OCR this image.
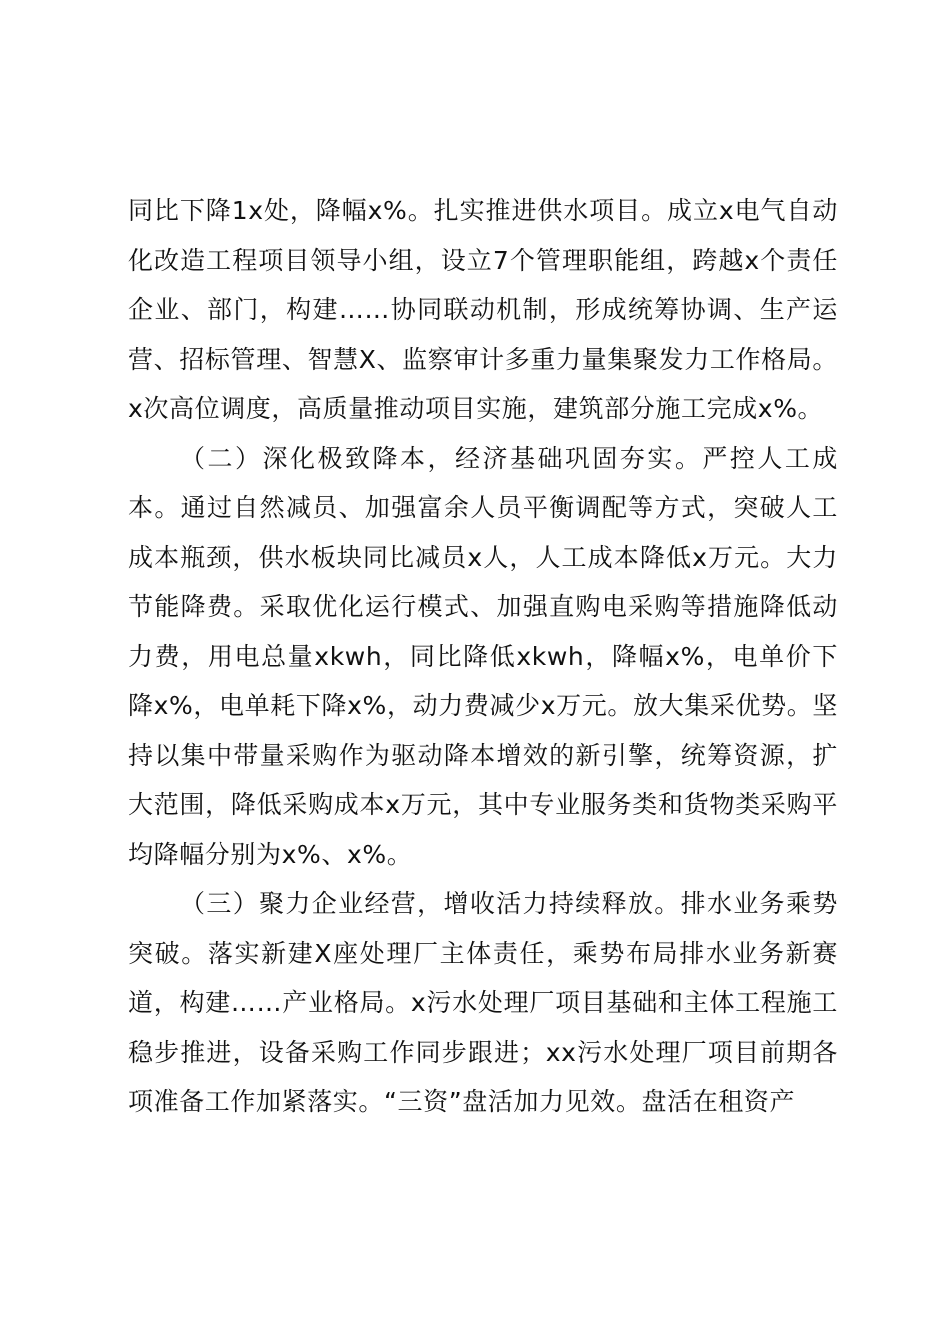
同比下降1x处，降幅x%。扎实推进供水项目。成立x电气自动化改造工程项目领导小组，设立7个管理职能组，跨越x个责任企业、部门，构建……协同联动机制，形成统筹协调、生产运营、招标管理、智慧X、监察审计多重力量集聚发力工作格局。x次高位调度，高质量推动项目实施，建筑部分施工完成x%。

（二）深化极致降本，经济基础巩固夯实。严控人工成本。通过自然减员、加强富余人员平衡调配等方式，突破人工成本瓶颈，供水板块同比减员x人，人工成本降低x万元。大力节能降费。采取优化运行模式、加强直购电采购等措施降低动力费，用电总量xkwh，同比降低xkwh，降幅x%，电单价下降x%，电单耗下降x%，动力费减少x万元。放大集采优势。坚持以集中带量采购作为驱动降本增效的新引擎，统筹资源，扩大范围，降低采购成本x万元，其中专业服务类和货物类采购平均降幅分别为x%、x%。

（三）聚力企业经营，增收活力持续释放。排水业务乘势突破。落实新建X座处理厂主体责任，乘势布局排水业务新赛道，构建……产业格局。x污水处理厂项目基础和主体工程施工稳步推进，设备采购工作同步跟进；xx污水处理厂项目前期各项准备工作加紧落实。“三资”盘活加力见效。盘活在租资产
